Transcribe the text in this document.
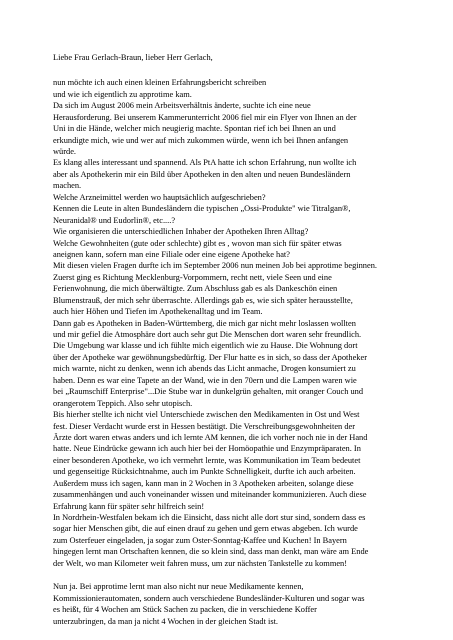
Liebe Frau Gerlach-Braun, lieber Herr Gerlach,
nun möchte ich auch einen kleinen Erfahrungsbericht schreiben
und wie ich eigentlich zu approtime kam.
Da sich im August 2006 mein Arbeitsverhältnis änderte, suchte ich eine neue
Herausforderung. Bei unserem Kammerunterricht 2006 fiel mir ein Flyer von Ihnen an der
Uni in die Hände, welcher mich neugierig machte. Spontan rief ich bei Ihnen an und
erkundigte mich, wie und wer auf mich zukommen würde, wenn ich bei Ihnen anfangen
würde.
Es klang alles interessant und spannend. Als PtA hatte ich schon Erfahrung, nun wollte ich
aber als Apothekerin mir ein Bild über Apotheken in den alten und neuen Bundesländern
machen.
Welche Arzneimittel werden wo hauptsächlich aufgeschrieben?
Kennen die Leute in alten Bundesländern die typischen „Ossi-Produkte" wie Titralgan®,
Neuranidal® und Eudorlin®, etc....?
Wie organisieren die unterschiedlichen Inhaber der Apotheken Ihren Alltag?
Welche Gewohnheiten (gute oder schlechte) gibt es , wovon man sich für später etwas
aneignen kann, sofern man eine Filiale oder eine eigene Apotheke hat?
Mit diesen vielen Fragen durfte ich im September 2006 nun meinen Job bei approtime beginnen.
Zuerst ging es Richtung Mecklenburg-Vorpommern, recht nett, viele Seen und eine
Ferienwohnung, die mich überwältigte. Zum Abschluss gab es als Dankeschön einen
Blumenstrauß, der mich sehr überraschte. Allerdings gab es, wie sich später herausstellte,
auch hier Höhen und Tiefen im Apothekenalltag und im Team.
Dann gab es Apotheken in Baden-Württemberg, die mich gar nicht mehr loslassen wollten
und mir gefiel die Atmosphäre dort auch sehr gut Die Menschen dort waren sehr freundlich.
Die Umgebung war klasse und ich fühlte mich eigentlich wie zu Hause. Die Wohnung dort
über der Apotheke war gewöhnungsbedürftig. Der Flur hatte es in sich, so dass der Apotheker
mich warnte, nicht zu denken, wenn ich abends das Licht anmache, Drogen konsumiert zu
haben. Denn es war eine Tapete an der Wand, wie in den 70ern und die Lampen waren wie
bei „Raumschiff Enterprise"...Die Stube war in dunkelgrün gehalten, mit oranger Couch und
orangerotem Teppich. Also sehr utopisch.
Bis hierher stellte ich nicht viel Unterschiede zwischen den Medikamenten in Ost und West
fest. Dieser Verdacht wurde erst in Hessen bestätigt. Die Verschreibungsgewohnheiten der
Ärzte dort waren etwas anders und ich lernte AM kennen, die ich vorher noch nie in der Hand
hatte. Neue Eindrücke gewann ich auch hier bei der Homöopathie und Enzympräparaten. In
einer besonderen Apotheke, wo ich vermehrt lernte, was Kommunikation im Team bedeutet
und gegenseitige Rücksichtnahme, auch im Punkte Schnelligkeit, durfte ich auch arbeiten.
Außerdem muss ich sagen, kann man in 2 Wochen in 3 Apotheken arbeiten, solange diese
zusammenhängen und auch voneinander wissen und miteinander kommunizieren. Auch diese
Erfahrung kann für später sehr hilfreich sein!
In Nordrhein-Westfalen bekam ich die Einsicht, dass nicht alle dort stur sind, sondern dass es
sogar hier Menschen gibt, die auf einen drauf zu gehen und gern etwas abgeben. Ich wurde
zum Osterfeuer eingeladen, ja sogar zum Oster-Sonntag-Kaffee und Kuchen! In Bayern
hingegen lernt man Ortschaften kennen, die so klein sind, dass man denkt, man wäre am Ende
der Welt, wo man Kilometer weit fahren muss, um zur nächsten Tankstelle zu kommen!
Nun ja. Bei approtime lernt man also nicht nur neue Medikamente kennen,
Kommissionierautomaten, sondern auch verschiedene Bundesländer-Kulturen und sogar was
es heißt, für 4 Wochen am Stück Sachen zu packen, die in verschiedene Koffer
unterzubringen, da man ja nicht 4 Wochen in der gleichen Stadt ist.
